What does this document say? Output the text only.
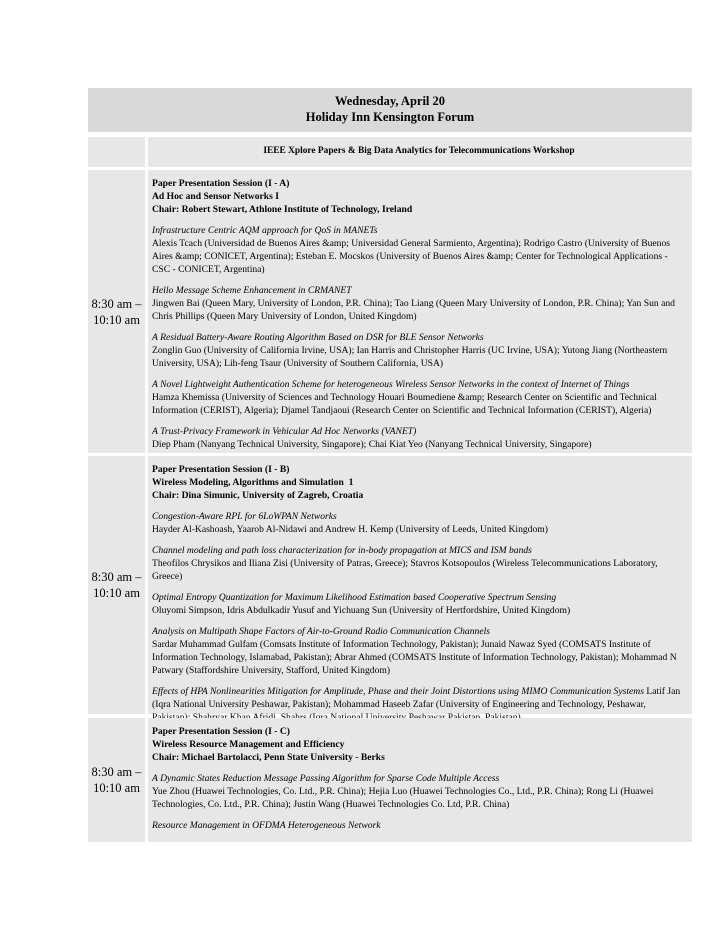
Wednesday, April 20
Holiday Inn Kensington Forum
IEEE Xplore Papers & Big Data Analytics for Telecommunications Workshop
8:30 am –
10:10 am
Paper Presentation Session (I - A)
Ad Hoc and Sensor Networks I
Chair: Robert Stewart, Athlone Institute of Technology, Ireland
Infrastructure Centric AQM approach for QoS in MANETs
Alexis Tcach (Universidad de Buenos Aires &amp; Universidad General Sarmiento, Argentina); Rodrigo Castro (University of Buenos Aires &amp; CONICET, Argentina); Esteban E. Mocskos (University of Buenos Aires &amp; Center for Technological Applications - CSC - CONICET, Argentina)
Hello Message Scheme Enhancement in CRMANET
Jingwen Bai (Queen Mary, University of London, P.R. China); Tao Liang (Queen Mary University of London, P.R. China); Yan Sun and Chris Phillips (Queen Mary University of London, United Kingdom)
A Residual Battery-Aware Routing Algorithm Based on DSR for BLE Sensor Networks
Zonglin Guo (University of California Irvine, USA); Ian Harris and Christopher Harris (UC Irvine, USA); Yutong Jiang (Northeastern University, USA); Lih-feng Tsaur (University of Southern California, USA)
A Novel Lightweight Authentication Scheme for heterogeneous Wireless Sensor Networks in the context of Internet of Things
Hamza Khemissa (University of Sciences and Technology Houari Boumediene &amp; Research Center on Scientific and Technical Information (CERIST), Algeria); Djamel Tandjaoui (Research Center on Scientific and Technical Information (CERIST), Algeria)
A Trust-Privacy Framework in Vehicular Ad Hoc Networks (VANET)
Diep Pham (Nanyang Technical University, Singapore); Chai Kiat Yeo (Nanyang Technical University, Singapore)
8:30 am –
10:10 am
Paper Presentation Session (I - B)
Wireless Modeling, Algorithms and Simulation  1
Chair: Dina Simunic, University of Zagreb, Croatia
Congestion-Aware RPL for 6LoWPAN Networks
Hayder Al-Kashoash, Yaarob Al-Nidawi and Andrew H. Kemp (University of Leeds, United Kingdom)
Channel modeling and path loss characterization for in-body propagation at MICS and ISM bands
Theofilos Chrysikos and Iliana Zisi (University of Patras, Greece); Stavros Kotsopoulos (Wireless Telecommunications Laboratory, Greece)
Optimal Entropy Quantization for Maximum Likelihood Estimation based Cooperative Spectrum Sensing
Oluyomi Simpson, Idris Abdulkadir Yusuf and Yichuang Sun (University of Hertfordshire, United Kingdom)
Analysis on Multipath Shape Factors of Air-to-Ground Radio Communication Channels
Sardar Muhammad Gulfam (Comsats Institute of Information Technology, Pakistan); Junaid Nawaz Syed (COMSATS Institute of Information Technology, Islamabad, Pakistan); Abrar Ahmed (COMSATS Institute of Information Technology, Pakistan); Mohammad N Patwary (Staffordshire University, Stafford, United Kingdom)
Effects of HPA Nonlinearities Mitigation for Amplitude, Phase and their Joint Distortions using MIMO Communication Systems Latif Jan (Iqra National University Peshawar, Pakistan); Mohammad Haseeb Zafar (University of Engineering and Technology, Peshawar,
8:30 am –
10:10 am
Paper Presentation Session (I - C)
Wireless Resource Management and Efficiency
Chair: Michael Bartolacci, Penn State University - Berks
A Dynamic States Reduction Message Passing Algorithm for Sparse Code Multiple Access
Yue Zhou (Huawei Technologies, Co. Ltd., P.R. China); Hejia Luo (Huawei Technologies Co., Ltd., P.R. China); Rong Li (Huawei Technologies, Co. Ltd., P.R. China); Justin Wang (Huawei Technologies Co. Ltd, P.R. China)
Resource Management in OFDMA Heterogeneous Network
